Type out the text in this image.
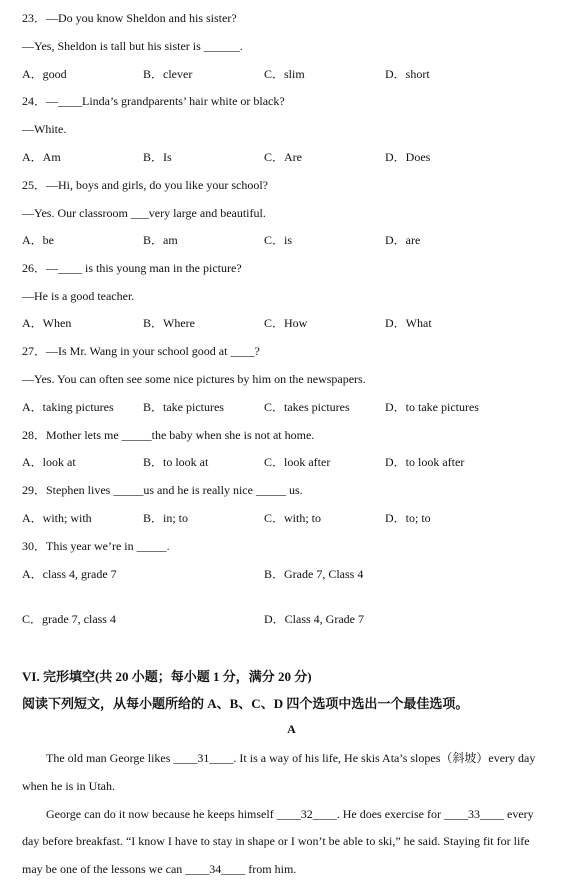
23．—Do you know Sheldon and his sister?
—Yes, Sheldon is tall but his sister is ______.
A．good	B．clever	C．slim	D．short
24．—____Linda’s grandparents’ hair white or black?
—White.
A．Am	B．Is	C．Are	D．Does
25．—Hi, boys and girls, do you like your school?
—Yes. Our classroom ___very large and beautiful.
A．be	B．am	C．is	D．are
26．—____ is this young man in the picture?
—He is a good teacher.
A．When	B．Where	C．How	D．What
27．—Is Mr. Wang in your school good at ____?
—Yes. You can often see some nice pictures by him on the newspapers.
A．taking pictures B．take pictures	C．takes pictures	D．to take pictures
28．Mother lets me _____the baby when she is not at home.
A．look at	B．to look at	C．look after	D．to look after
29．Stephen lives _____us and he is really nice _____ us.
A．with; with	B．in; to	C．with; to	D．to; to
30．This year we’re in _____.
A．class 4, grade 7	B．Grade 7, Class 4
C．grade 7, class 4	D．Class 4, Grade 7
VI. 完形填空(共 20 小题；每小题 1 分，满分 20 分)
阅读下列短文，从每小题所给的 A、B、C、D 四个选项中选出一个最佳选项。
A
The old man George likes ____31____. It is a way of his life, He skis Ata’s slopes（斜坡）every day
when he is in Utah.
George can do it now because he keeps himself ____32____. He does exercise for ____33____ every
day before breakfast. “I know I have to stay in shape or I won’t be able to ski,” he said. Staying fit for life
may be one of the lessons we can ____34____ from him.
